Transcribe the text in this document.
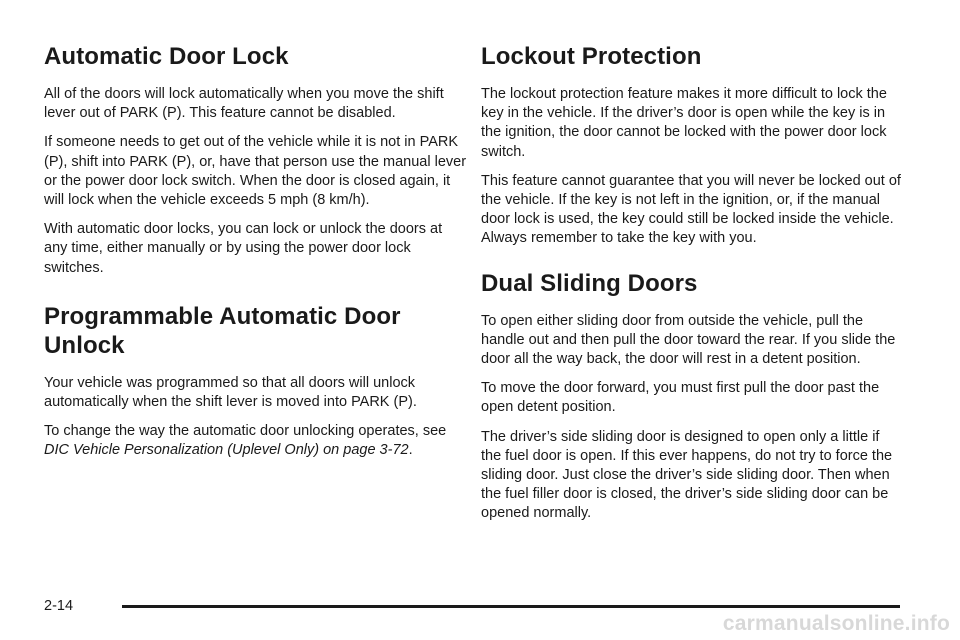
Automatic Door Lock

All of the doors will lock automatically when you move the shift lever out of PARK (P). This feature cannot be disabled.

If someone needs to get out of the vehicle while it is not in PARK (P), shift into PARK (P), or, have that person use the manual lever or the power door lock switch. When the door is closed again, it will lock when the vehicle exceeds 5 mph (8 km/h).

With automatic door locks, you can lock or unlock the doors at any time, either manually or by using the power door lock switches.

Programmable Automatic Door Unlock

Your vehicle was programmed so that all doors will unlock automatically when the shift lever is moved into PARK (P).

To change the way the automatic door unlocking operates, see DIC Vehicle Personalization (Uplevel Only) on page 3-72.

Lockout Protection

The lockout protection feature makes it more difficult to lock the key in the vehicle. If the driver’s door is open while the key is in the ignition, the door cannot be locked with the power door lock switch.

This feature cannot guarantee that you will never be locked out of the vehicle. If the key is not left in the ignition, or, if the manual door lock is used, the key could still be locked inside the vehicle. Always remember to take the key with you.

Dual Sliding Doors

To open either sliding door from outside the vehicle, pull the handle out and then pull the door toward the rear. If you slide the door all the way back, the door will rest in a detent position.

To move the door forward, you must first pull the door past the open detent position.

The driver’s side sliding door is designed to open only a little if the fuel door is open. If this ever happens, do not try to force the sliding door. Just close the driver’s side sliding door. Then when the fuel filler door is closed, the driver’s side sliding door can be opened normally.

2-14
carmanualsonline.info
